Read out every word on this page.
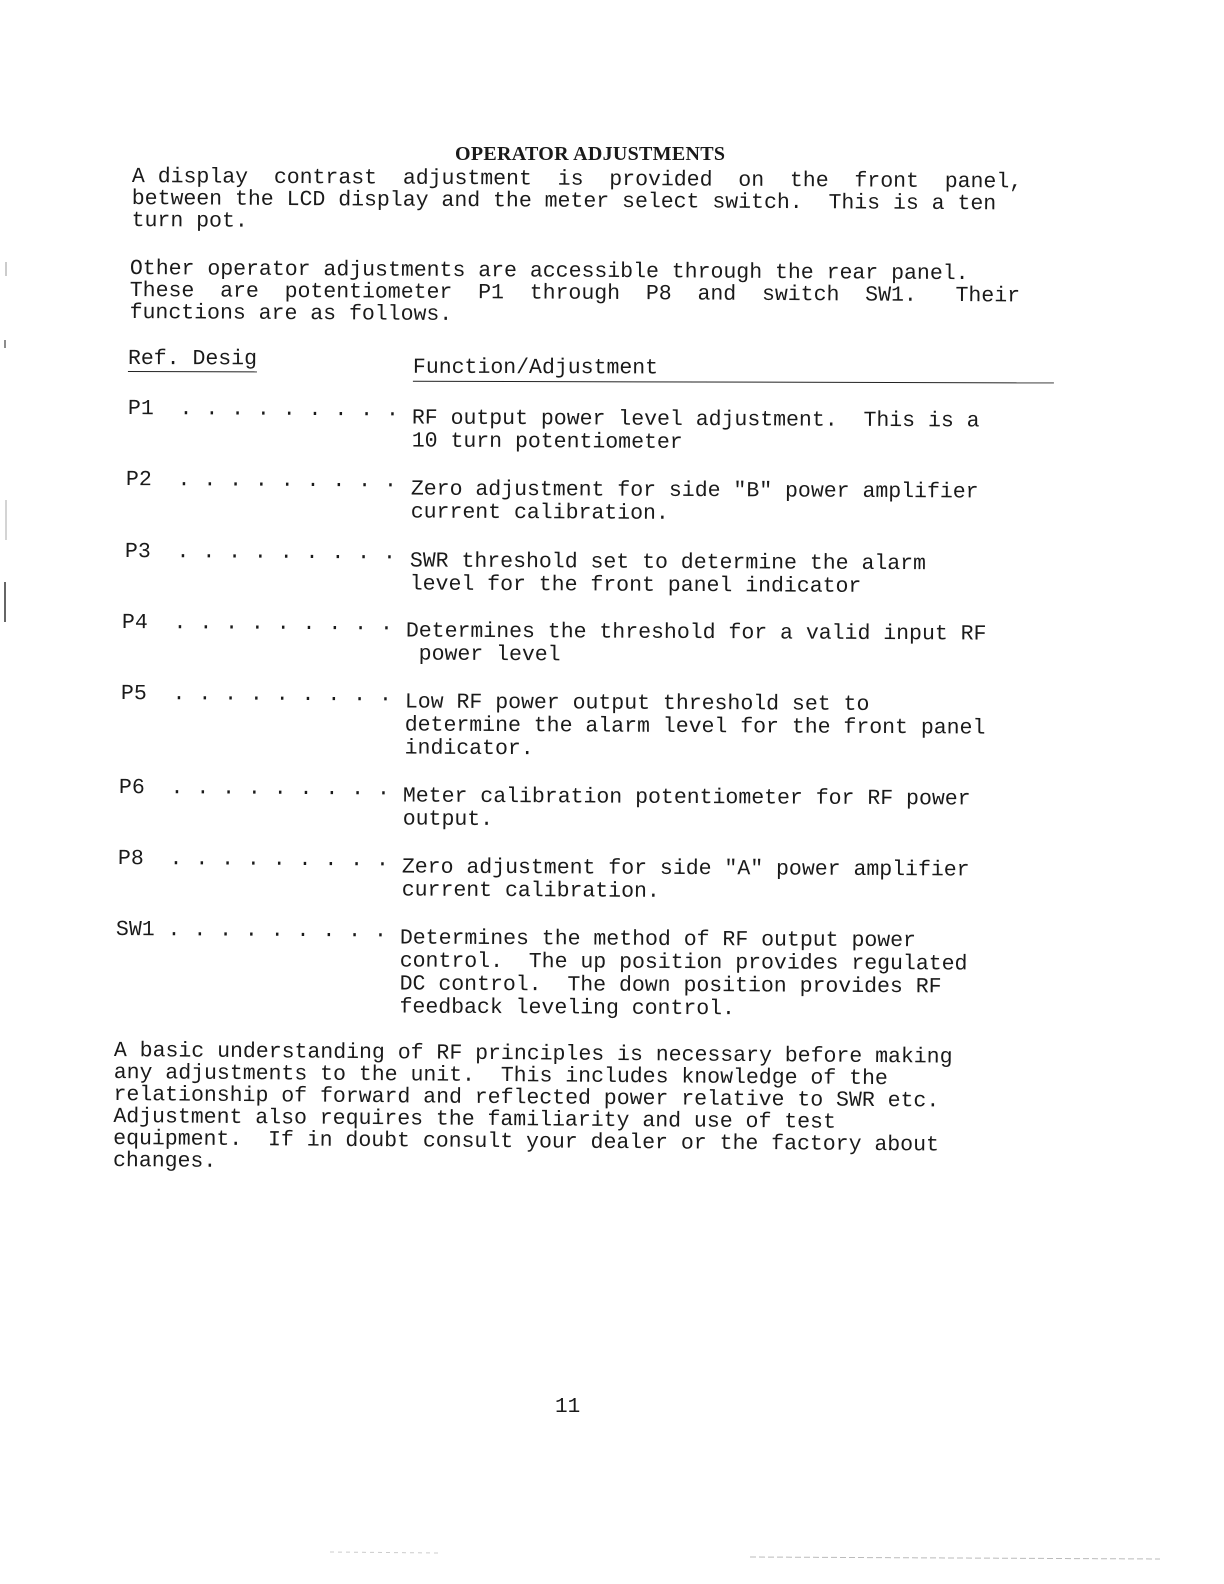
OPERATOR ADJUSTMENTS
A display  contrast  adjustment  is  provided  on  the  front  panel,
between the LCD display and the meter select switch.  This is a ten
turn pot.
Other operator adjustments are accessible through the rear panel.
These  are  potentiometer  P1  through  P8  and  switch  SW1.   Their
functions are as follows.
Ref. Desig	Function/Adjustment
P1  . . . . . . . . . RF output power level adjustment.  This is a
10 turn potentiometer
P2  . . . . . . . . . Zero adjustment for side "B" power amplifier
current calibration.
P3  . . . . . . . . . SWR threshold set to determine the alarm
level for the front panel indicator
P4  . . . . . . . . . Determines the threshold for a valid input RF
power level
P5  . . . . . . . . . Low RF power output threshold set to
determine the alarm level for the front panel
indicator.
P6  . . . . . . . . . Meter calibration potentiometer for RF power
output.
P8  . . . . . . . . . Zero adjustment for side "A" power amplifier
current calibration.
SW1 . . . . . . . . . Determines the method of RF output power
control.  The up position provides regulated
DC control.  The down position provides RF
feedback leveling control.
A basic understanding of RF principles is necessary before making
any adjustments to the unit.  This includes knowledge of the
relationship of forward and reflected power relative to SWR etc.
Adjustment also requires the familiarity and use of test
equipment.  If in doubt consult your dealer or the factory about
changes.
11
